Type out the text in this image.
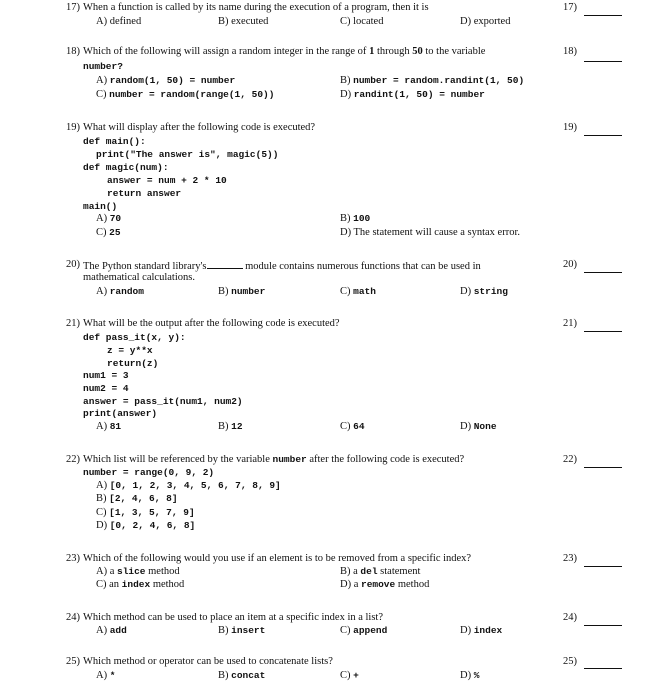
17) When a function is called by its name during the execution of a program, then it is
A) defined	B) executed	C) located	D) exported
17)
18) Which of the following will assign a random integer in the range of 1 through 50 to the variable
number?
A) random(1, 50) = number	B) number = random.randint(1, 50)
C) number = random(range(1, 50))	D) randint(1, 50) = number
18)
19) What will display after the following code is executed?
def main():
print("The answer is", magic(5))
def magic(num):
answer = num + 2 * 10
return answer
main()
A) 70	B) 100
C) 25	D) The statement will cause a syntax error.
19)
20) The Python standard library's	module contains numerous functions that can be used in
mathematical calculations.
A) random	B) number	C) math	D) string
20)
21) What will be the output after the following code is executed?
def pass_it(x, y):
z = y**x
return(z)
num1 = 3
num2 = 4
answer = pass_it(num1, num2)
print(answer)
A) 81	B) 12	C) 64	D) None
21)
22) Which list will be referenced by the variable number after the following code is executed?
number = range(0, 9, 2)
A) [0, 1, 2, 3, 4, 5, 6, 7, 8, 9]
B) [2, 4, 6, 8]
C) [1, 3, 5, 7, 9]
D) [0, 2, 4, 6, 8]
22)
23) Which of the following would you use if an element is to be removed from a specific index?
A) a slice method	B) a del statement
C) an index method	D) a remove method
23)
24) Which method can be used to place an item at a specific index in a list?
A) add	B) insert	C) append	D) index
24)
25) Which method or operator can be used to concatenate lists?
A) *	B) concat	C) +	D) %
25)
